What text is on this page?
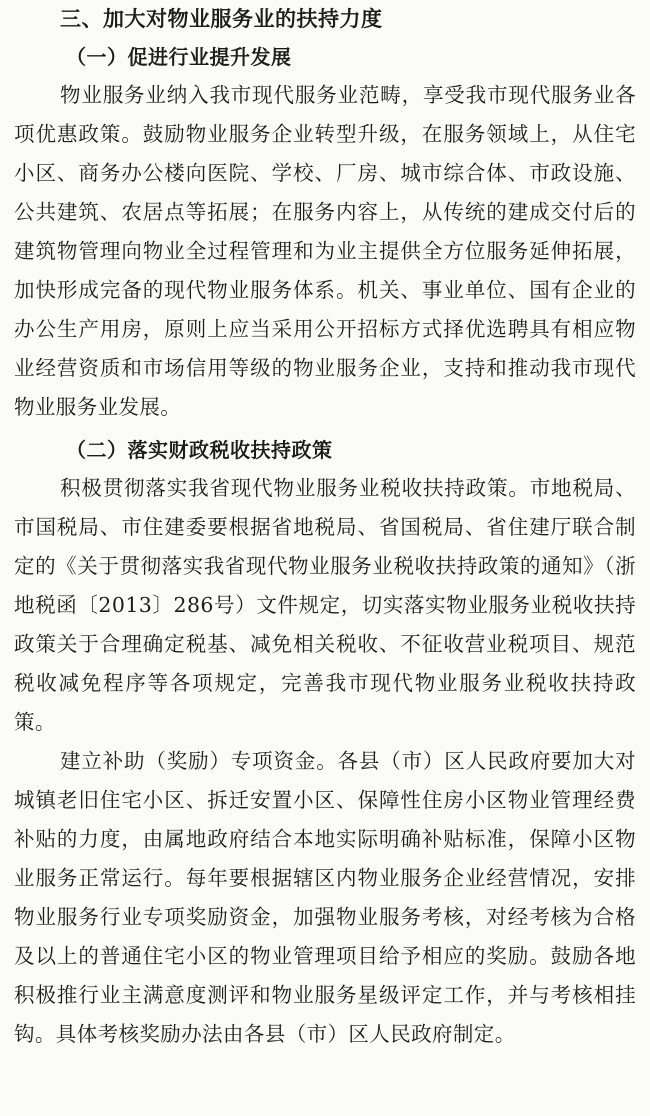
三、加大对物业服务业的扶持力度
（一）促进行业提升发展

物业服务业纳入我市现代服务业范畴，享受我市现代服务业各项优惠政策。鼓励物业服务企业转型升级，在服务领域上，从住宅小区、商务办公楼向医院、学校、厂房、城市综合体、市政设施、公共建筑、农居点等拓展；在服务内容上，从传统的建成交付后的建筑物管理向物业全过程管理和为业主提供全方位服务延伸拓展，加快形成完备的现代物业服务体系。机关、事业单位、国有企业的办公生产用房，原则上应当采用公开招标方式择优选聘具有相应物业经营资质和市场信用等级的物业服务企业，支持和推动我市现代物业服务业发展。

（二）落实财政税收扶持政策

积极贯彻落实我省现代物业服务业税收扶持政策。市地税局、市国税局、市住建委要根据省地税局、省国税局、省住建厅联合制定的《关于贯彻落实我省现代物业服务业税收扶持政策的通知》（浙地税函〔2013〕286号）文件规定，切实落实物业服务业税收扶持政策关于合理确定税基、减免相关税收、不征收营业税项目、规范税收减免程序等各项规定，完善我市现代物业服务业税收扶持政策。

建立补助（奖励）专项资金。各县（市）区人民政府要加大对城镇老旧住宅小区、拆迁安置小区、保障性住房小区物业管理经费补贴的力度，由属地政府结合本地实际明确补贴标准，保障小区物业服务正常运行。每年要根据辖区内物业服务企业经营情况，安排物业服务行业专项奖励资金，加强物业服务考核，对经考核为合格及以上的普通住宅小区的物业管理项目给予相应的奖励。鼓励各地积极推行业主满意度测评和物业服务星级评定工作，并与考核相挂钩。具体考核奖励办法由各县（市）区人民政府制定。
